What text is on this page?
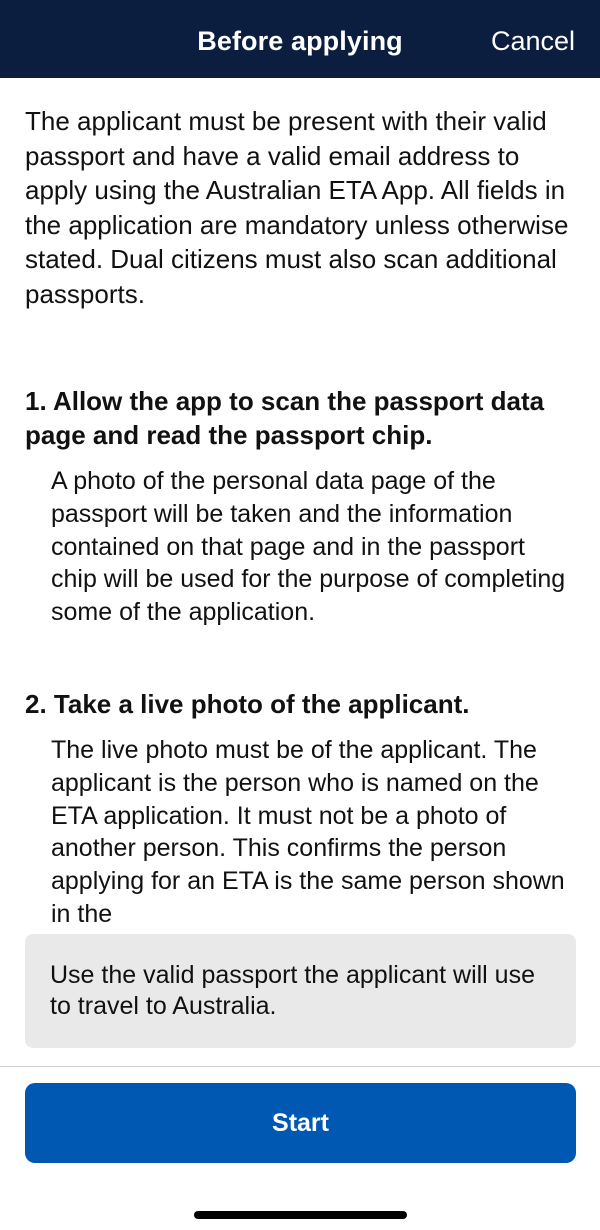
Before applying	Cancel

The applicant must be present with their valid passport and have a valid email address to apply using the Australian ETA App. All fields in the application are mandatory unless otherwise stated. Dual citizens must also scan additional passports.

1. Allow the app to scan the passport data page and read the passport chip.

A photo of the personal data page of the passport will be taken and the information contained on that page and in the passport chip will be used for the purpose of completing some of the application.

2. Take a live photo of the applicant.

The live photo must be of the applicant. The applicant is the person who is named on the ETA application. It must not be a photo of another person. This confirms the person applying for an ETA is the same person shown in the

Use the valid passport the applicant will use to travel to Australia.
Start
